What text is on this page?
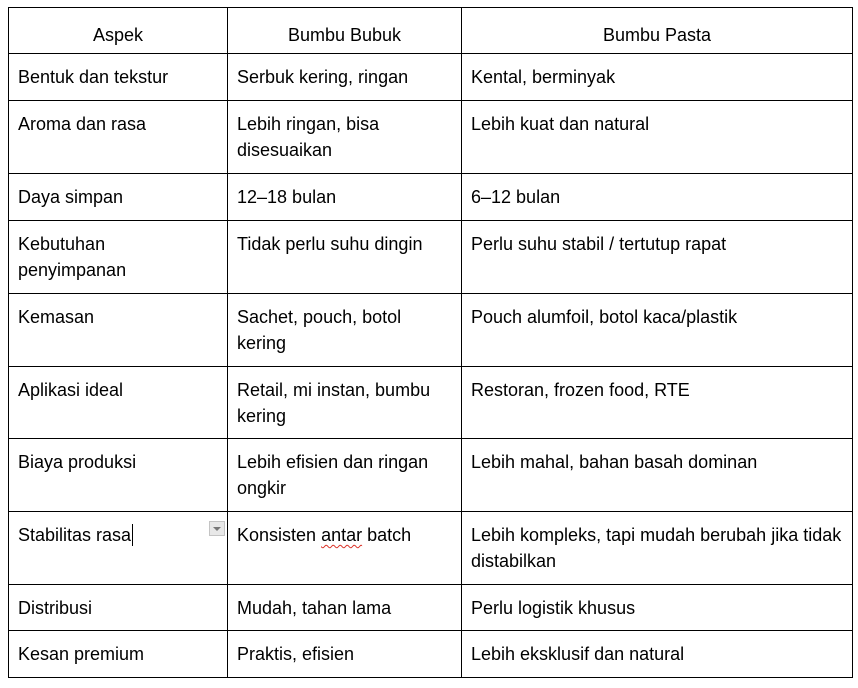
Aspek	Bumbu Bubuk	Bumbu Pasta

Bentuk dan tekstur	Serbuk kering, ringan	Kental, berminyak

Aroma dan rasa	Lebih ringan, bisa disesuaikan	Lebih kuat dan natural

Daya simpan	12–18 bulan	6–12 bulan

Kebutuhan penyimpanan	Tidak perlu suhu dingin	Perlu suhu stabil / tertutup rapat

Kemasan	Sachet, pouch, botol kering	Pouch alumfoil, botol kaca/plastik

Aplikasi ideal	Retail, mi instan, bumbu kering	Restoran, frozen food, RTE

Biaya produksi	Lebih efisien dan ringan ongkir	Lebih mahal, bahan basah dominan

Stabilitas rasa	Konsisten antar batch	Lebih kompleks, tapi mudah berubah jika tidak distabilkan

Distribusi	Mudah, tahan lama	Perlu logistik khusus

Kesan premium	Praktis, efisien	Lebih eksklusif dan natural
